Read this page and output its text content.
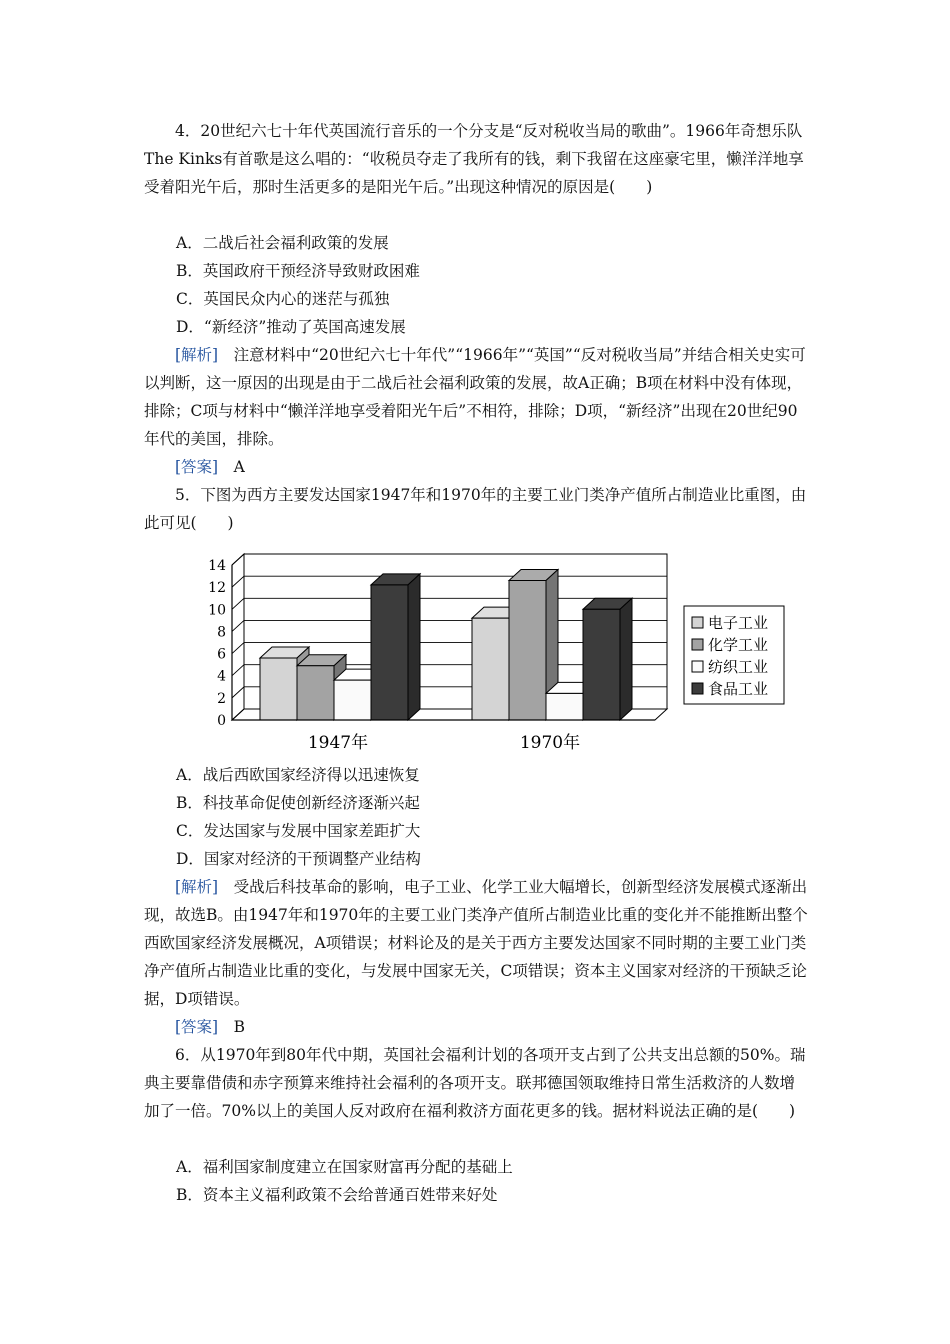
4．20世纪六七十年代英国流行音乐的一个分支是“反对税收当局的歌曲”。1966年奇想乐队The Kinks有首歌是这么唱的：“收税员夺走了我所有的钱，剩下我留在这座豪宅里，懒洋洋地享受着阳光午后，那时生活更多的是阳光午后。”出现这种情况的原因是(　　)
A．二战后社会福利政策的发展
B．英国政府干预经济导致财政困难
C．英国民众内心的迷茫与孤独
D．“新经济”推动了英国高速发展
[解析]　 注意材料中“20世纪六七十年代”“1966年”“英国”“反对税收当局”并结合相关史实可以判断，这一原因的出现是由于二战后社会福利政策的发展，故A正确；B项在材料中没有体现，排除；C项与材料中“懒洋洋地享受着阳光午后”不相符，排除；D项，“新经济”出现在20世纪90年代的美国，排除。
[答案]　 A
5．下图为西方主要发达国家1947年和1970年的主要工业门类净产值所占制造业比重图，由此可见(　　)
0
2
4
6
8
10
12
14
1947年	1970年
电子工业
化学工业
纺织工业
食品工业
A．战后西欧国家经济得以迅速恢复
B．科技革命促使创新经济逐渐兴起
C．发达国家与发展中国家差距扩大
D．国家对经济的干预调整产业结构
[解析]　 受战后科技革命的影响，电子工业、化学工业大幅增长，创新型经济发展模式逐渐出现，故选B。由1947年和1970年的主要工业门类净产值所占制造业比重的变化并不能推断出整个西欧国家经济发展概况，A项错误；材料论及的是关于西方主要发达国家不同时期的主要工业门类净产值所占制造业比重的变化，与发展中国家无关，C项错误；资本主义国家对经济的干预缺乏论据，D项错误。
[答案]　 B
6．从1970年到80年代中期，英国社会福利计划的各项开支占到了公共支出总额的50%。瑞典主要靠借债和赤字预算来维持社会福利的各项开支。联邦德国领取维持日常生活救济的人数增加了一倍。70%以上的美国人反对政府在福利救济方面花更多的钱。据材料说法正确的是(　　)
A．福利国家制度建立在国家财富再分配的基础上
B．资本主义福利政策不会给普通百姓带来好处
